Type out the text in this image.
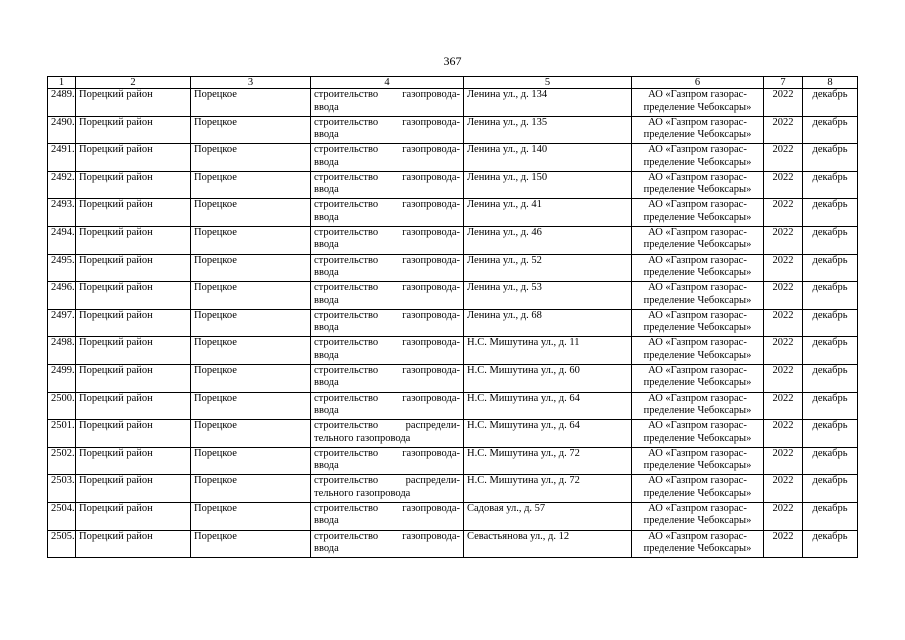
367
1	2	3	4	5	6	7	8
2489.	Порецкий район	Порецкое	строительство газопровода-ввода	Ленина ул., д. 134	АО «Газпром газорас-пределение Чебоксары»	2022	декабрь
2490.	Порецкий район	Порецкое	строительство газопровода-ввода	Ленина ул., д. 135	АО «Газпром газорас-пределение Чебоксары»	2022	декабрь
2491.	Порецкий район	Порецкое	строительство газопровода-ввода	Ленина ул., д. 140	АО «Газпром газорас-пределение Чебоксары»	2022	декабрь
2492.	Порецкий район	Порецкое	строительство газопровода-ввода	Ленина ул., д. 150	АО «Газпром газорас-пределение Чебоксары»	2022	декабрь
2493.	Порецкий район	Порецкое	строительство газопровода-ввода	Ленина ул., д. 41	АО «Газпром газорас-пределение Чебоксары»	2022	декабрь
2494.	Порецкий район	Порецкое	строительство газопровода-ввода	Ленина ул., д. 46	АО «Газпром газорас-пределение Чебоксары»	2022	декабрь
2495.	Порецкий район	Порецкое	строительство газопровода-ввода	Ленина ул., д. 52	АО «Газпром газорас-пределение Чебоксары»	2022	декабрь
2496.	Порецкий район	Порецкое	строительство газопровода-ввода	Ленина ул., д. 53	АО «Газпром газорас-пределение Чебоксары»	2022	декабрь
2497.	Порецкий район	Порецкое	строительство газопровода-ввода	Ленина ул., д. 68	АО «Газпром газорас-пределение Чебоксары»	2022	декабрь
2498.	Порецкий район	Порецкое	строительство газопровода-ввода	Н.С. Мишутина ул., д. 11	АО «Газпром газорас-пределение Чебоксары»	2022	декабрь
2499.	Порецкий район	Порецкое	строительство газопровода-ввода	Н.С. Мишутина ул., д. 60	АО «Газпром газорас-пределение Чебоксары»	2022	декабрь
2500.	Порецкий район	Порецкое	строительство газопровода-ввода	Н.С. Мишутина ул., д. 64	АО «Газпром газорас-пределение Чебоксары»	2022	декабрь
2501.	Порецкий район	Порецкое	строительство распредели-тельного газопровода	Н.С. Мишутина ул., д. 64	АО «Газпром газорас-пределение Чебоксары»	2022	декабрь
2502.	Порецкий район	Порецкое	строительство газопровода-ввода	Н.С. Мишутина ул., д. 72	АО «Газпром газорас-пределение Чебоксары»	2022	декабрь
2503.	Порецкий район	Порецкое	строительство распредели-тельного газопровода	Н.С. Мишутина ул., д. 72	АО «Газпром газорас-пределение Чебоксары»	2022	декабрь
2504.	Порецкий район	Порецкое	строительство газопровода-ввода	Садовая ул., д. 57	АО «Газпром газорас-пределение Чебоксары»	2022	декабрь
2505.	Порецкий район	Порецкое	строительство газопровода-ввода	Севастьянова ул., д. 12	АО «Газпром газорас-пределение Чебоксары»	2022	декабрь
